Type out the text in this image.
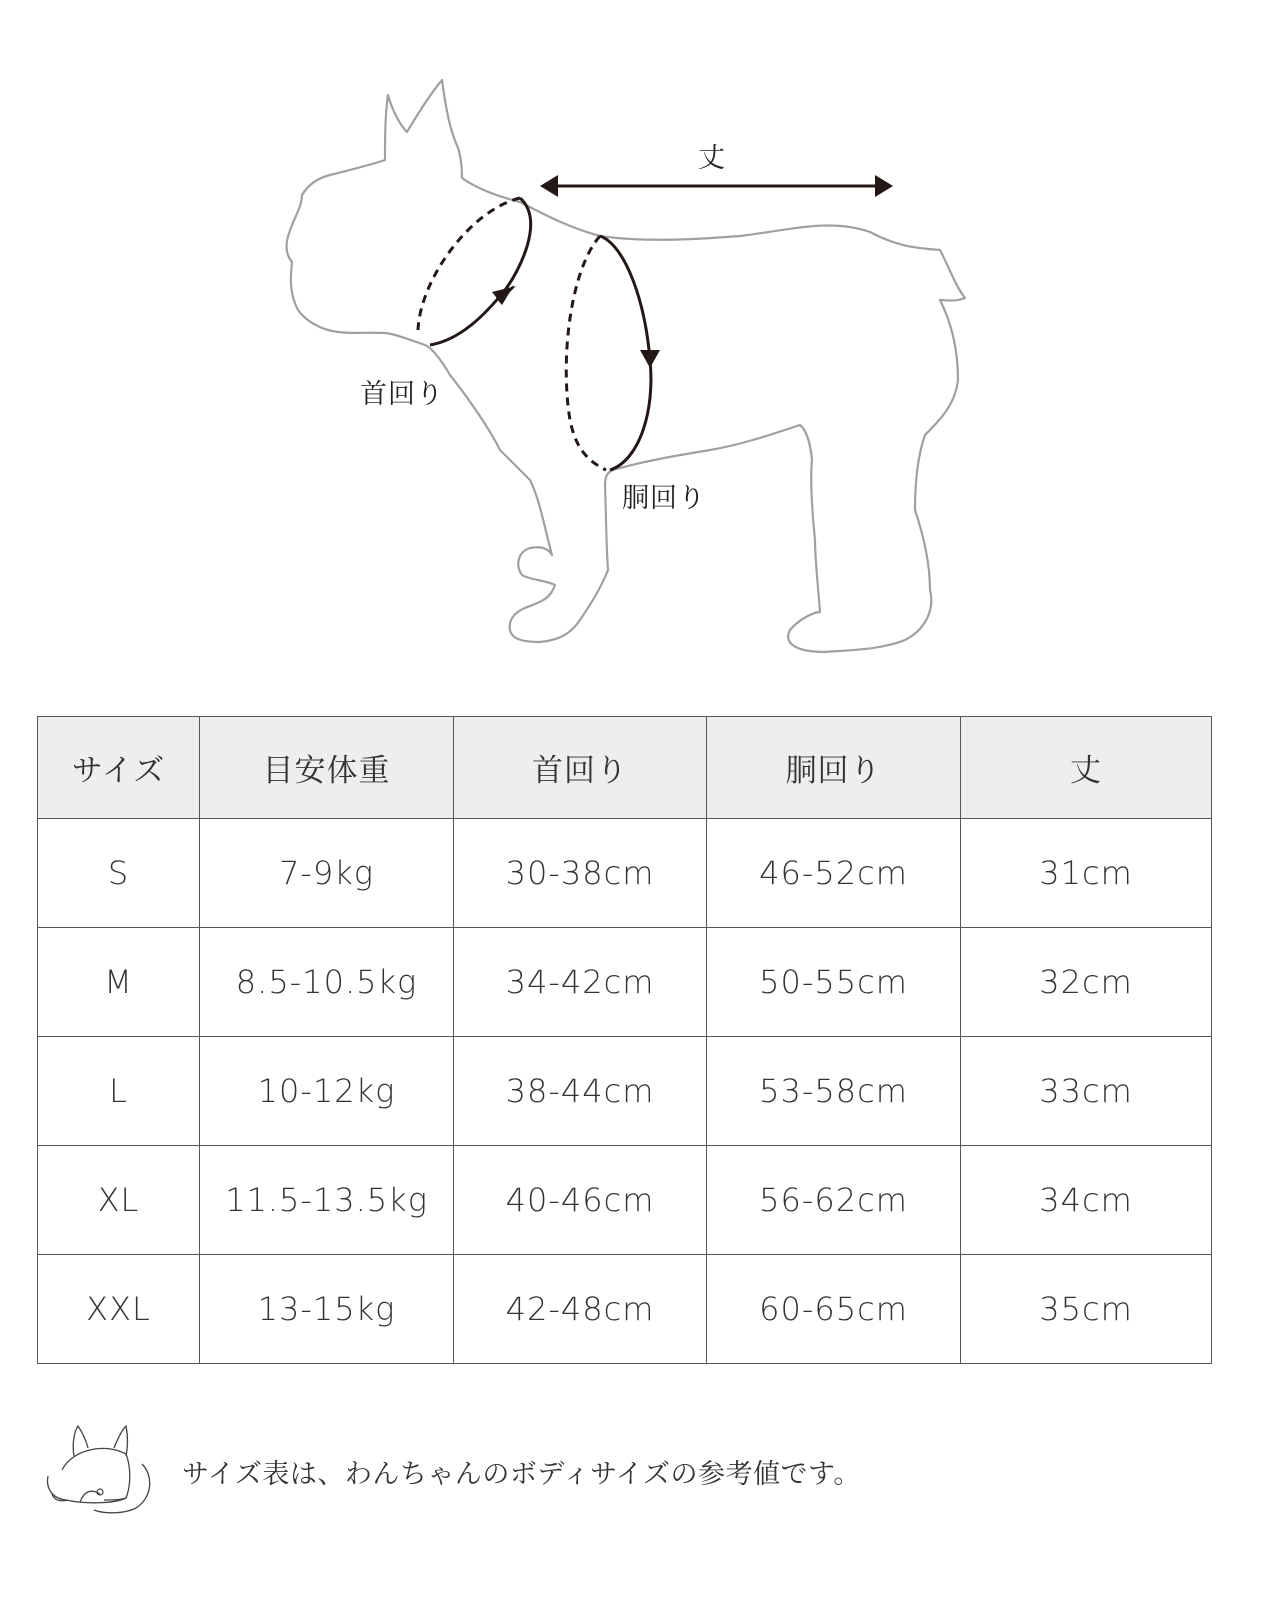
丈
首回り
胴回り
サイズ	目安体重	首回り	胴回り	丈
S	7-9kg	30-38cm	46-52cm	31cm
M	8.5-10.5kg	34-42cm	50-55cm	32cm
L	10-12kg	38-44cm	53-58cm	33cm
XL	11.5-13.5kg	40-46cm	56-62cm	34cm
XXL	13-15kg	42-48cm	60-65cm	35cm
サイズ表は、わんちゃんのボディサイズの参考値です。
